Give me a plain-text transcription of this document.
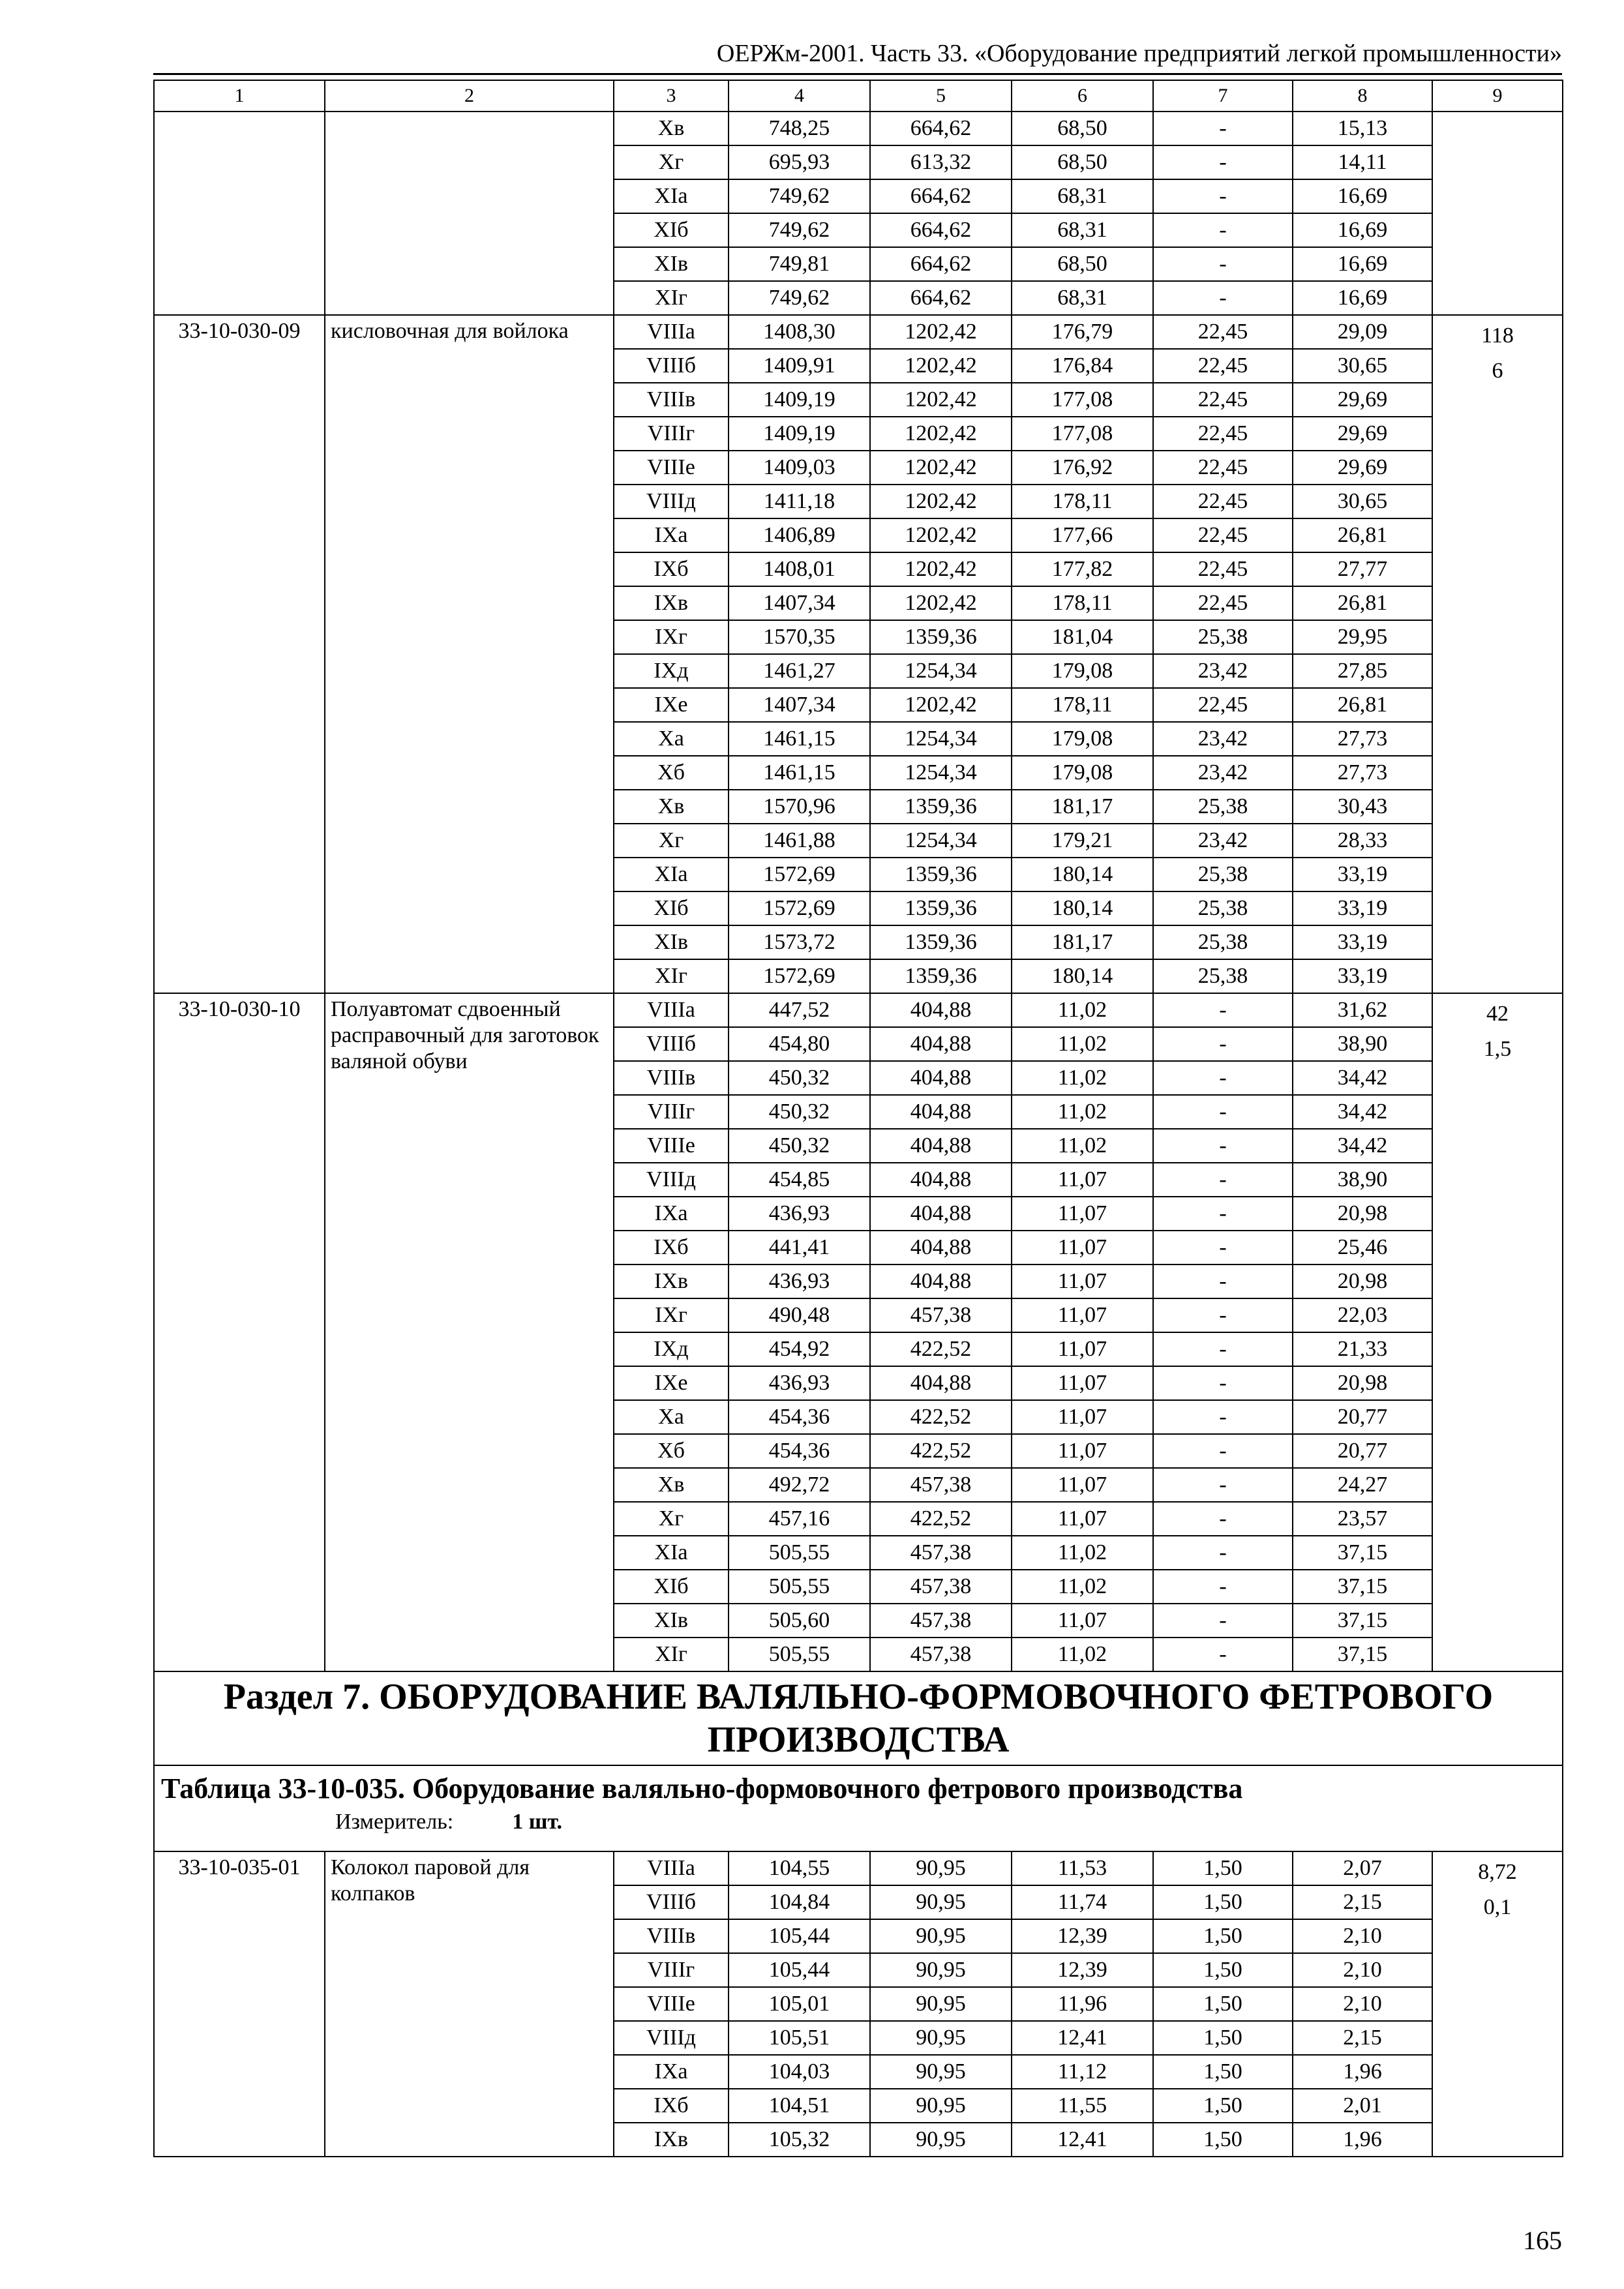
ОЕРЖм-2001. Часть 33. «Оборудование предприятий легкой промышленности»
1	2	3	4	5	6	7	8	9
		Хв	748,25	664,62	68,50	-	15,13	
		Хг	695,93	613,32	68,50	-	14,11	
		XIа	749,62	664,62	68,31	-	16,69	
		XIб	749,62	664,62	68,31	-	16,69	
		XIв	749,81	664,62	68,50	-	16,69	
		XIг	749,62	664,62	68,31	-	16,69	
33-10-030-09	кисловочная для войлока	VIIIа	1408,30	1202,42	176,79	22,45	29,09	118
6

		VIIIб	1409,91	1202,42	176,84	22,45	30,65	
		VIIIв	1409,19	1202,42	177,08	22,45	29,69	
		VIIIг	1409,19	1202,42	177,08	22,45	29,69	
		VIIIе	1409,03	1202,42	176,92	22,45	29,69	
		VIIIд	1411,18	1202,42	178,11	22,45	30,65	
		IXа	1406,89	1202,42	177,66	22,45	26,81	
		IXб	1408,01	1202,42	177,82	22,45	27,77	
		IXв	1407,34	1202,42	178,11	22,45	26,81	
		IXг	1570,35	1359,36	181,04	25,38	29,95	
		IXд	1461,27	1254,34	179,08	23,42	27,85	
		IXе	1407,34	1202,42	178,11	22,45	26,81	
		Ха	1461,15	1254,34	179,08	23,42	27,73	
		Хб	1461,15	1254,34	179,08	23,42	27,73	
		Хв	1570,96	1359,36	181,17	25,38	30,43	
		Хг	1461,88	1254,34	179,21	23,42	28,33	
		XIа	1572,69	1359,36	180,14	25,38	33,19	
		XIб	1572,69	1359,36	180,14	25,38	33,19	
		XIв	1573,72	1359,36	181,17	25,38	33,19	
		XIг	1572,69	1359,36	180,14	25,38	33,19	
33-10-030-10	Полуавтомат сдвоенный расправочный для заготовок валяной обуви	VIIIа	447,52	404,88	11,02	-	31,62	42
1,5

		VIIIб	454,80	404,88	11,02	-	38,90	
		VIIIв	450,32	404,88	11,02	-	34,42	
		VIIIг	450,32	404,88	11,02	-	34,42	
		VIIIе	450,32	404,88	11,02	-	34,42	
		VIIIд	454,85	404,88	11,07	-	38,90	
		IXа	436,93	404,88	11,07	-	20,98	
		IXб	441,41	404,88	11,07	-	25,46	
		IXв	436,93	404,88	11,07	-	20,98	
		IXг	490,48	457,38	11,07	-	22,03	
		IXд	454,92	422,52	11,07	-	21,33	
		IXе	436,93	404,88	11,07	-	20,98	
		Ха	454,36	422,52	11,07	-	20,77	
		Хб	454,36	422,52	11,07	-	20,77	
		Хв	492,72	457,38	11,07	-	24,27	
		Хг	457,16	422,52	11,07	-	23,57	
		XIа	505,55	457,38	11,02	-	37,15	
		XIб	505,55	457,38	11,02	-	37,15	
		XIв	505,60	457,38	11,07	-	37,15	
		XIг	505,55	457,38	11,02	-	37,15	
Раздел 7. ОБОРУДОВАНИЕ ВАЛЯЛЬНО-ФОРМОВОЧНОГО ФЕТРОВОГО ПРОИЗВОДСТВА								

Таблица 33-10-035. Оборудование валяльно-формовочного фетрового производства
Измеритель: 1 шт.								

33-10-035-01	Колокол паровой для колпаков	VIIIа	104,55	90,95	11,53	1,50	2,07	8,72
0,1

		VIIIб	104,84	90,95	11,74	1,50	2,15	
		VIIIв	105,44	90,95	12,39	1,50	2,10	
		VIIIг	105,44	90,95	12,39	1,50	2,10	
		VIIIе	105,01	90,95	11,96	1,50	2,10	
		VIIIд	105,51	90,95	12,41	1,50	2,15	
		IXа	104,03	90,95	11,12	1,50	1,96	
		IXб	104,51	90,95	11,55	1,50	2,01	
		IXв	105,32	90,95	12,41	1,50	1,96	
165
